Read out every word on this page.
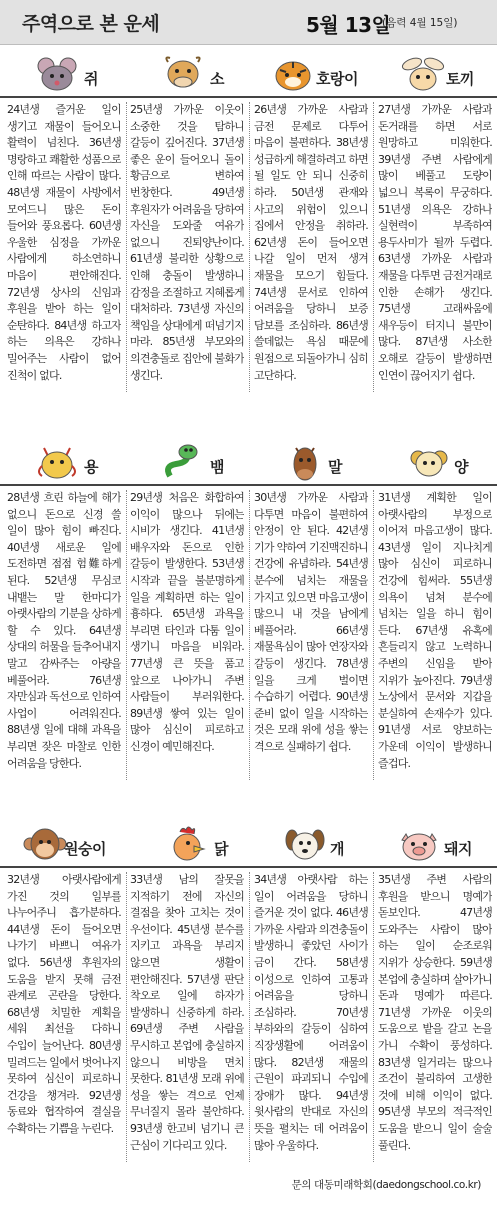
주역으로 본 운세	5월 13일
(음력 4월 15일)
쥐	소	호랑이	토끼
24년생 즐거운 일이 생기고 재물이 들어오니 활력이 넘친다. 36년생 명랑하고 쾌활한 성품으로 인해 따르는 사람이 많다. 48년생 재물이 사방에서 모여드니 많은 돈이 들어와 풍요롭다. 60년생 우울한 심정을 가까운 사람에게 하소연하니 마음이 편안해진다. 72년생 상사의 신임과 후원을 받아 하는 일이 순탄하다. 84년생 하고자 하는 의욕은 강하나 밀어주는 사람이 없어 진척이 없다.
25년생 가까운 이웃이 소중한 것을 탐하니 갈등이 깊어진다. 37년생 좋은 운이 들어오니 돌이 황금으로 변하여 번창한다. 49년생 후원자가 어려움을 당하여 자신을 도와줄 여유가 없으니 진퇴양난이다. 61년생 불리한 상황으로 인해 충돌이 발생하니 감정을 조절하고 지혜롭게 대처하라. 73년생 자신의 책임을 상대에게 떠넘기지 마라. 85년생 부모와의 의견충돌로 집안에 불화가 생긴다.
26년생 가까운 사람과 금전 문제로 다투어 마음이 불편하다. 38년생 성급하게 해결하려고 하면 될 일도 안 되니 신중히 하라. 50년생 관재와 사고의 위험이 있으니 집에서 안정을 취하라. 62년생 돈이 들어오면 나갈 일이 먼저 생겨 재물을 모으기 힘들다. 74년생 문서로 인하여 어려움을 당하니 보증 담보를 조심하라. 86년생 쓸데없는 욕심 때문에 원점으로 되돌아가니 심히 고단하다.
27년생 가까운 사람과 돈거래를 하면 서로 원망하고 미워한다. 39년생 주변 사람에게 많이 베풀고 도량이 넓으니 복록이 무궁하다. 51년생 의욕은 강하나 실현력이 부족하여 용두사미가 될까 두렵다. 63년생 가까운 사람과 재물을 다투면 금전거래로 인한 손해가 생긴다. 75년생 고래싸움에 새우등이 터지니 불만이 많다. 87년생 사소한 오해로 갈등이 발생하면 인연이 끊어지기 쉽다.
용	뱀	말	양
28년생 흐린 하늘에 해가 없으니 돈으로 신경 쓸 일이 많아 힘이 빠진다. 40년생 새로운 일에 도전하면 점점 험難하게 된다. 52년생 무심코 내뱉는 말 한마디가 아랫사람의 기분을 상하게 할 수 있다. 64년생 상대의 허물을 들추어내지 말고 감싸주는 아량을 베풀어라. 76년생 자만심과 독선으로 인하여 사업이 어려워진다. 88년생 일에 대해 과욕을 부리면 잦은 마찰로 인한 어려움을 당한다.
29년생 처음은 화합하여 이익이 많으나 뒤에는 시비가 생긴다. 41년생 배우자와 돈으로 인한 갈등이 발생한다. 53년생 시작과 끝을 불분명하게 일을 계획하면 하는 일이 흉하다. 65년생 과욕을 부리면 타인과 다툼 일이 생기니 마음을 비워라. 77년생 큰 뜻을 품고 앞으로 나아가니 주변 사람들이 부러워한다. 89년생 쌓여 있는 일이 많아 심신이 피로하고 신경이 예민해진다.
30년생 가까운 사람과 다투면 마음이 불편하여 안정이 안 된다. 42년생 기가 약하여 기진맥진하니 건강에 유념하라. 54년생 분수에 넘치는 재물을 가지고 있으면 마음고생이 많으니 내 것을 남에게 베풀어라. 66년생 재물욕심이 많아 연장자와 갈등이 생긴다. 78년생 일을 크게 벌이면 수습하기 어렵다. 90년생 준비 없이 일을 시작하는 것은 모래 위에 성을 쌓는 격으로 실패하기 쉽다.
31년생 계획한 일이 아랫사람의 부정으로 이어져 마음고생이 많다. 43년생 일이 지나치게 많아 심신이 피로하니 건강에 힘써라. 55년생 의욕이 넘쳐 분수에 넘치는 일을 하니 힘이 든다. 67년생 유혹에 흔들리지 않고 노력하니 주변의 신임을 받아 지위가 높아진다. 79년생 노상에서 문서와 지갑을 분실하여 손재수가 있다. 91년생 서로 양보하는 가운데 이익이 발생하니 즐겁다.
원숭이	닭	개	돼지
32년생 아랫사람에게 가진 것의 일부를 나누어주니 흡가분하다. 44년생 돈이 들어오면 나가기 바쁘니 여유가 없다. 56년생 후원자의 도움을 받지 못해 금전 관계로 곤란을 당한다. 68년생 치밀한 계획을 세워 최선을 다하니 수입이 늘어난다. 80년생 밀려드는 일에서 벗어나지 못하여 심신이 피로하니 건강을 챙겨라. 92년생 동료와 협작하여 결실을 수확하는 기쁨을 누린다.
33년생 남의 잘못을 지적하기 전에 자신의 결점을 찾아 고치는 것이 우선이다. 45년생 분수를 지키고 과욕을 부리지 않으면 생활이 편안해진다. 57년생 판단 착오로 일에 하자가 발생하니 신중하게 하라. 69년생 주변 사람을 무시하고 본업에 충실하지 않으니 비방을 면치 못한다. 81년생 모래 위에 성을 쌓는 격으로 언제 무너질지 몰라 불안하다. 93년생 한고비 넘기니 큰 근심이 기다리고 있다.
34년생 아랫사람 하는 일이 어려움을 당하니 즐거운 것이 없다. 46년생 가까운 사람과 의견충돌이 발생하니 좋았던 사이가 금이 간다. 58년생 이성으로 인하여 고통과 어려움을 당하니 조심하라. 70년생 부하와의 갈등이 심하여 직장생활에 어려움이 많다. 82년생 재물의 근원이 파괴되니 수입에 장애가 많다. 94년생 윗사람의 반대로 자신의 뜻을 펼치는 데 어려움이 많아 우울하다.
35년생 주변 사람의 후원을 받으니 명예가 돋보인다. 47년생 도와주는 사람이 많아 하는 일이 순조로워 지위가 상승한다. 59년생 본업에 충실하며 살아가니 돈과 명예가 따른다. 71년생 가까운 이웃의 도움으로 밭을 갈고 논을 가니 수확이 풍성하다. 83년생 일거리는 많으나 조건이 불리하여 고생한 것에 비해 이익이 없다. 95년생 부모의 적극적인 도움을 받으니 일이 술술 풀린다.
문의 대동미래학회(daedongschool.co.kr)
